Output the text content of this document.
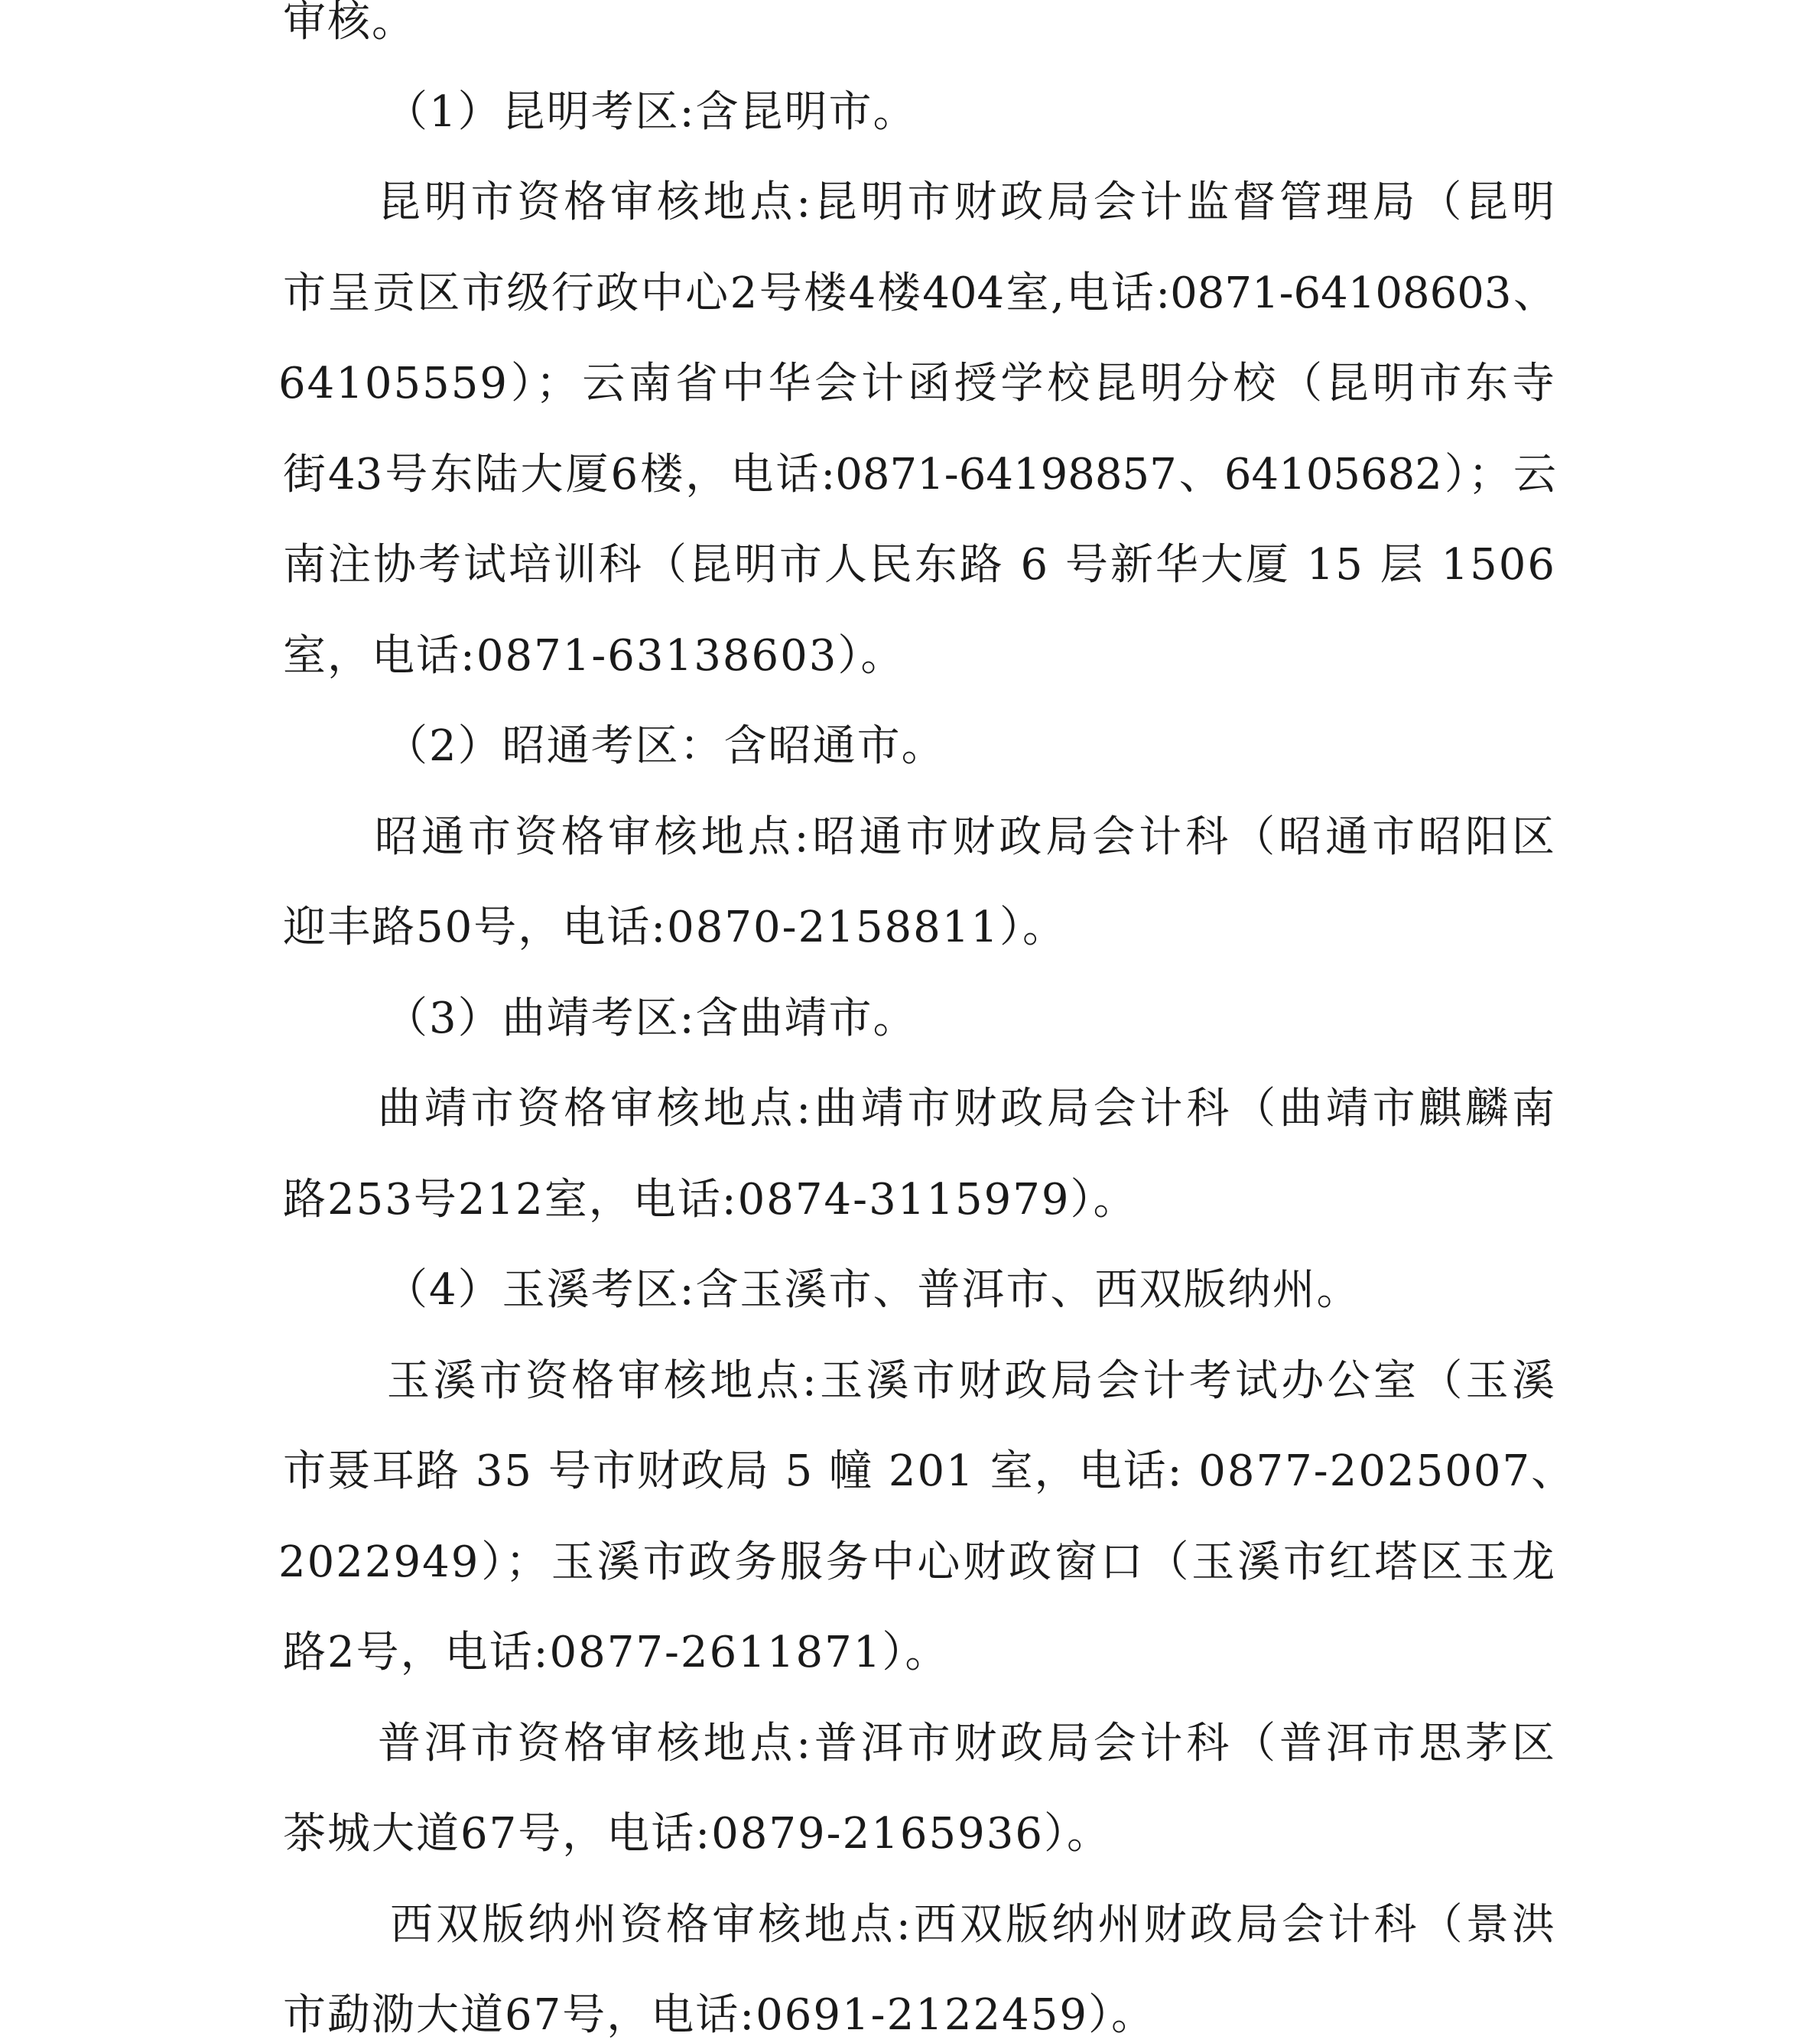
审核。
（1）昆明考区:含昆明市。
昆明市资格审核地点:昆明市财政局会计监督管理局（昆明
市呈贡区市级行政中心2号楼4楼404室,电话:0871-64108603、
64105559）；云南省中华会计函授学校昆明分校（昆明市东寺
街43号东陆大厦6楼，电话:0871-64198857、64105682）；云
南注协考试培训科（昆明市人民东路 6 号新华大厦 15 层 1506
室，电话:0871-63138603）。
（2）昭通考区：含昭通市。
昭通市资格审核地点:昭通市财政局会计科（昭通市昭阳区
迎丰路50号，电话:0870-2158811）。
（3）曲靖考区:含曲靖市。
曲靖市资格审核地点:曲靖市财政局会计科（曲靖市麒麟南
路253号212室，电话:0874-3115979）。
（4）玉溪考区:含玉溪市、普洱市、西双版纳州。
玉溪市资格审核地点:玉溪市财政局会计考试办公室（玉溪
市聂耳路 35 号市财政局 5 幢 201 室，电话: 0877-2025007、
2022949）；玉溪市政务服务中心财政窗口（玉溪市红塔区玉龙
路2号，电话:0877-2611871）。
普洱市资格审核地点:普洱市财政局会计科（普洱市思茅区
茶城大道67号，电话:0879-2165936）。
西双版纳州资格审核地点:西双版纳州财政局会计科（景洪
市勐泐大道67号，电话:0691-2122459）。
